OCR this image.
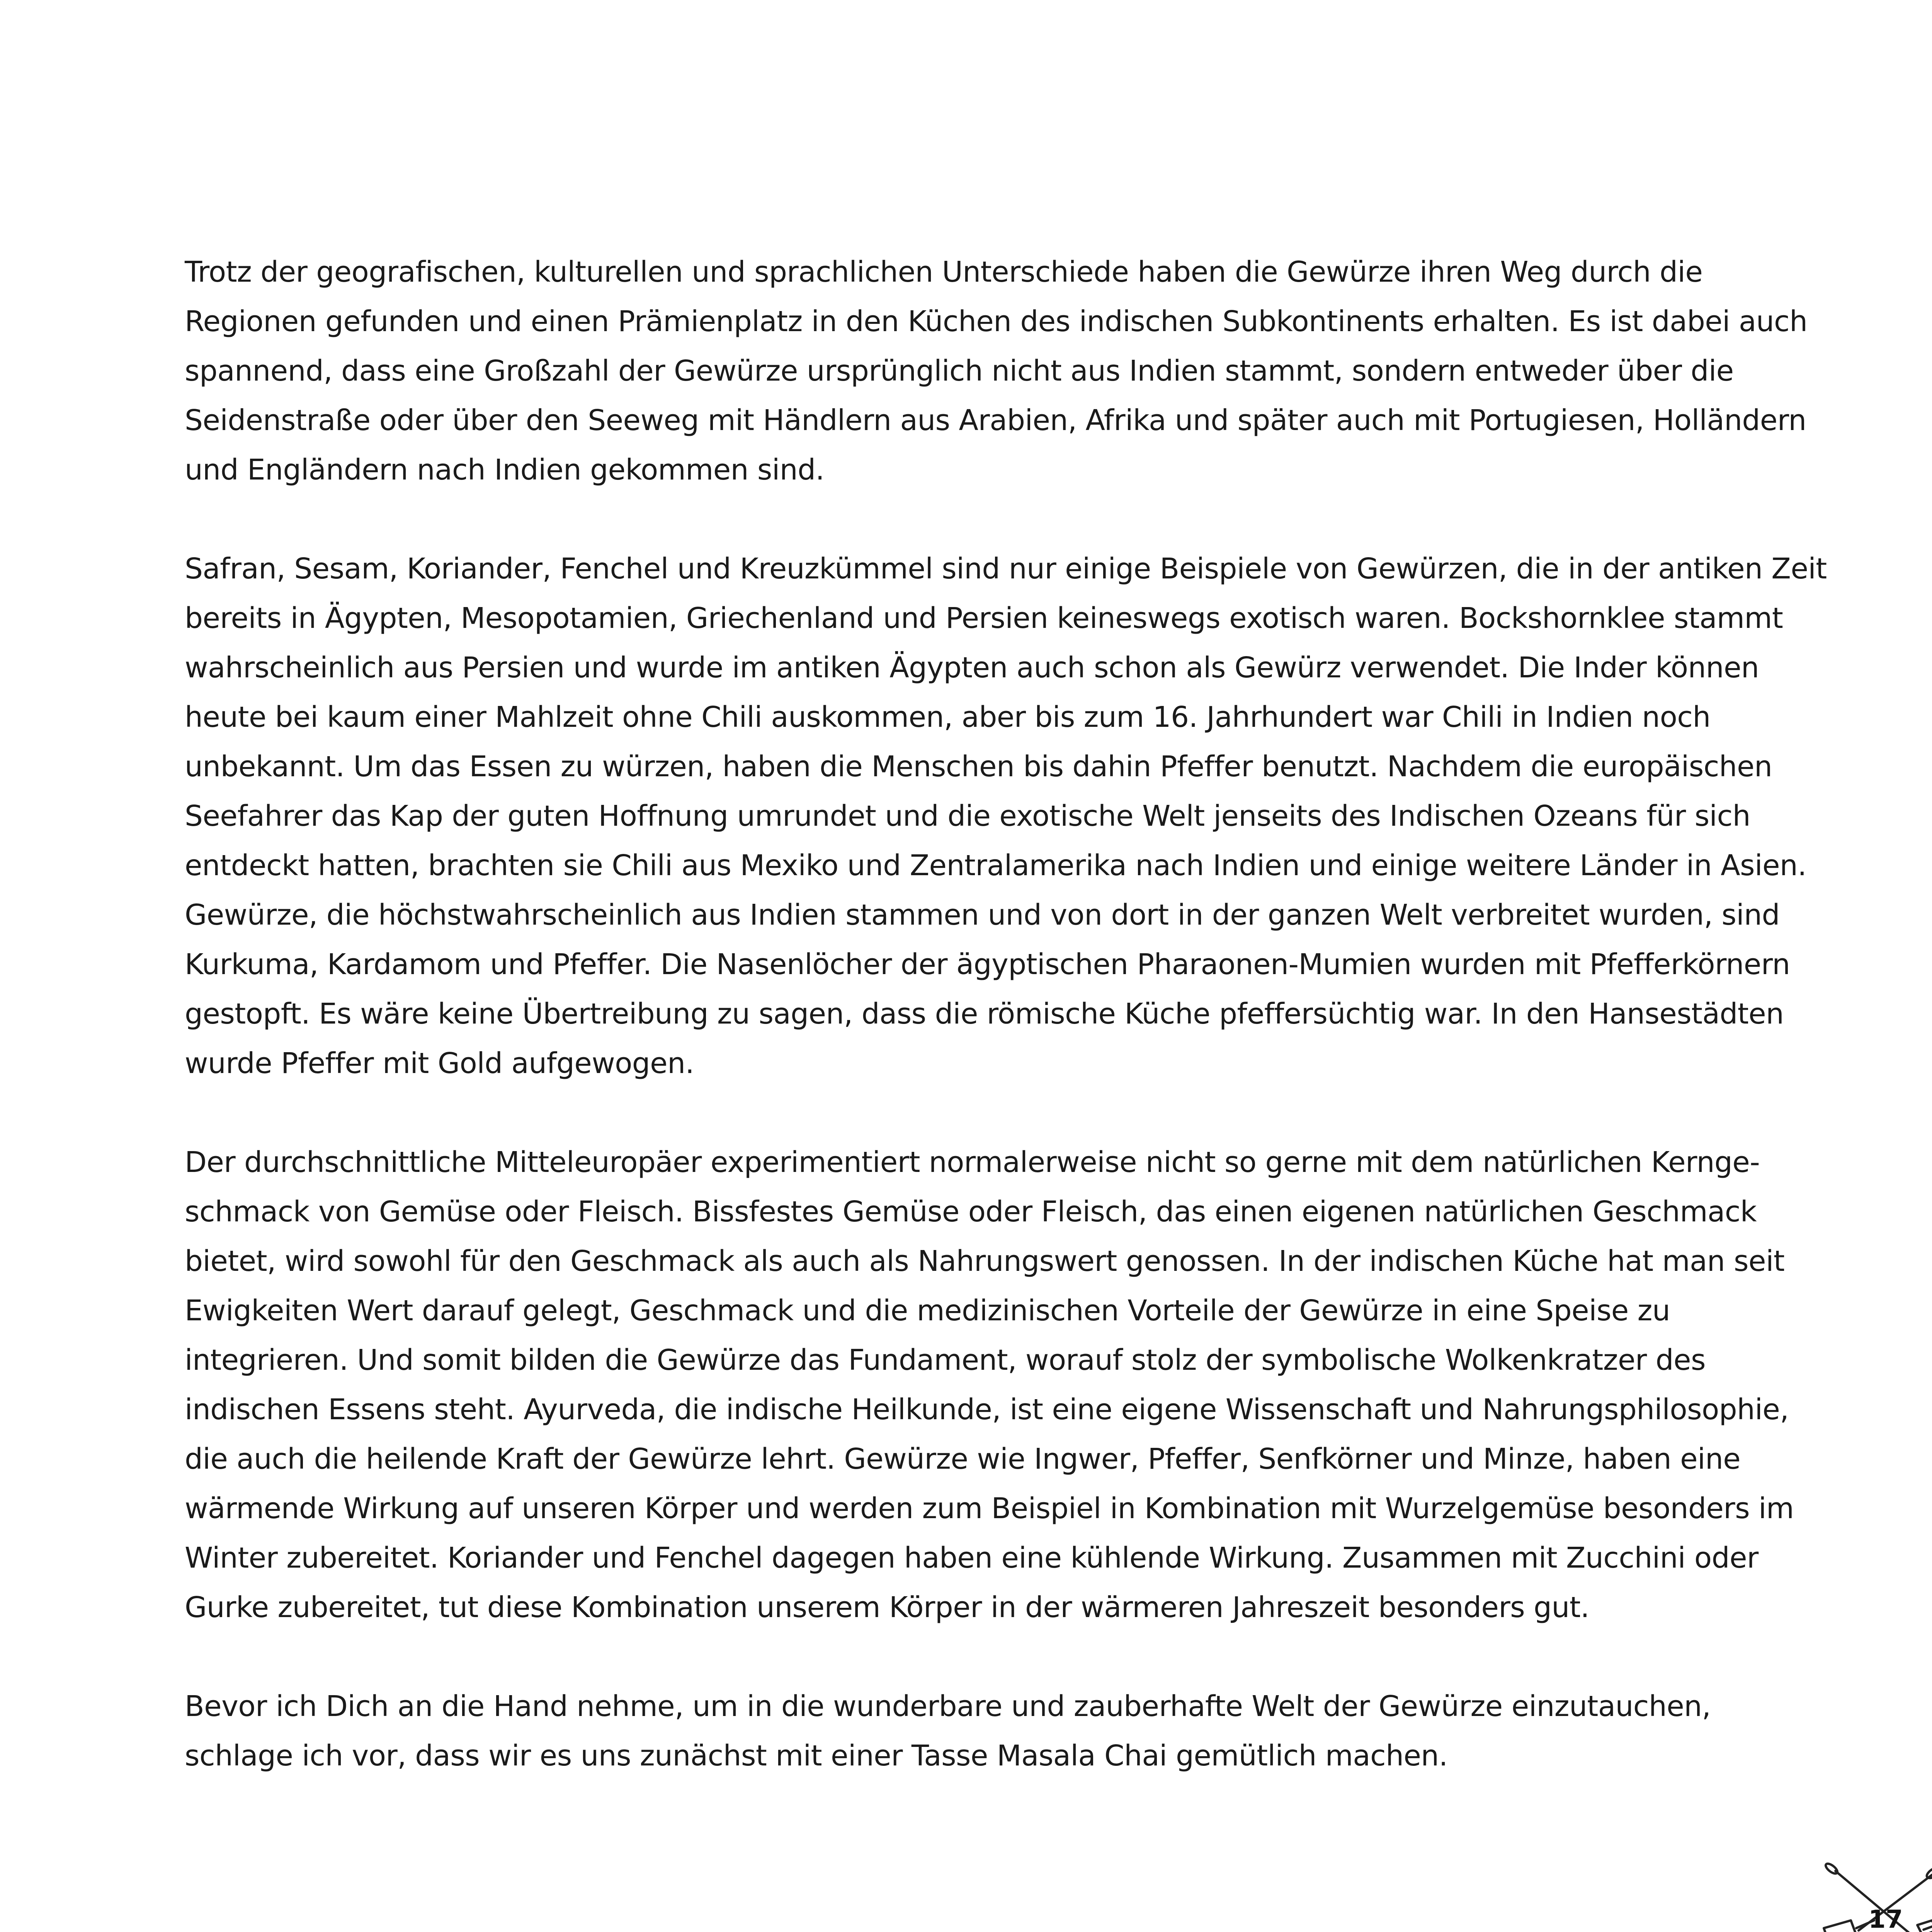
Trotz der geografischen, kulturellen und sprachlichen Unterschiede haben die Gewürze ihren Weg durch die
Regionen gefunden und einen Prämienplatz in den Küchen des indischen Subkontinents erhalten. Es ist dabei auch
spannend, dass eine Großzahl der Gewürze ursprünglich nicht aus Indien stammt, sondern entweder über die
Seidenstraße oder über den Seeweg mit Händlern aus Arabien, Afrika und später auch mit Portugiesen, Holländern
und Engländern nach Indien gekommen sind.

Safran, Sesam, Koriander, Fenchel und Kreuzkümmel sind nur einige Beispiele von Gewürzen, die in der antiken Zeit
bereits in Ägypten, Mesopotamien, Griechenland und Persien keineswegs exotisch waren. Bockshornklee stammt
wahrscheinlich aus Persien und wurde im antiken Ägypten auch schon als Gewürz verwendet. Die Inder können
heute bei kaum einer Mahlzeit ohne Chili auskommen, aber bis zum 16. Jahrhundert war Chili in Indien noch
unbekannt. Um das Essen zu würzen, haben die Menschen bis dahin Pfeffer benutzt. Nachdem die europäischen
Seefahrer das Kap der guten Hoffnung umrundet und die exotische Welt jenseits des Indischen Ozeans für sich
entdeckt hatten, brachten sie Chili aus Mexiko und Zentralamerika nach Indien und einige weitere Länder in Asien.
Gewürze, die höchstwahrscheinlich aus Indien stammen und von dort in der ganzen Welt verbreitet wurden, sind
Kurkuma, Kardamom und Pfeffer. Die Nasenlöcher der ägyptischen Pharaonen-Mumien wurden mit Pfefferkörnern
gestopft. Es wäre keine Übertreibung zu sagen, dass die römische Küche pfeffersüchtig war. In den Hansestädten
wurde Pfeffer mit Gold aufgewogen.

Der durchschnittliche Mitteleuropäer experimentiert normalerweise nicht so gerne mit dem natürlichen Kernge-
schmack von Gemüse oder Fleisch. Bissfestes Gemüse oder Fleisch, das einen eigenen natürlichen Geschmack
bietet, wird sowohl für den Geschmack als auch als Nahrungswert genossen. In der indischen Küche hat man seit
Ewigkeiten Wert darauf gelegt, Geschmack und die medizinischen Vorteile der Gewürze in eine Speise zu
integrieren. Und somit bilden die Gewürze das Fundament, worauf stolz der symbolische Wolkenkratzer des
indischen Essens steht. Ayurveda, die indische Heilkunde, ist eine eigene Wissenschaft und Nahrungsphilosophie,
die auch die heilende Kraft der Gewürze lehrt. Gewürze wie Ingwer, Pfeffer, Senfkörner und Minze, haben eine
wärmende Wirkung auf unseren Körper und werden zum Beispiel in Kombination mit Wurzelgemüse besonders im
Winter zubereitet. Koriander und Fenchel dagegen haben eine kühlende Wirkung. Zusammen mit Zucchini oder
Gurke zubereitet, tut diese Kombination unserem Körper in der wärmeren Jahreszeit besonders gut.

Bevor ich Dich an die Hand nehme, um in die wunderbare und zauberhafte Welt der Gewürze einzutauchen,
schlage ich vor, dass wir es uns zunächst mit einer Tasse Masala Chai gemütlich machen.

17
